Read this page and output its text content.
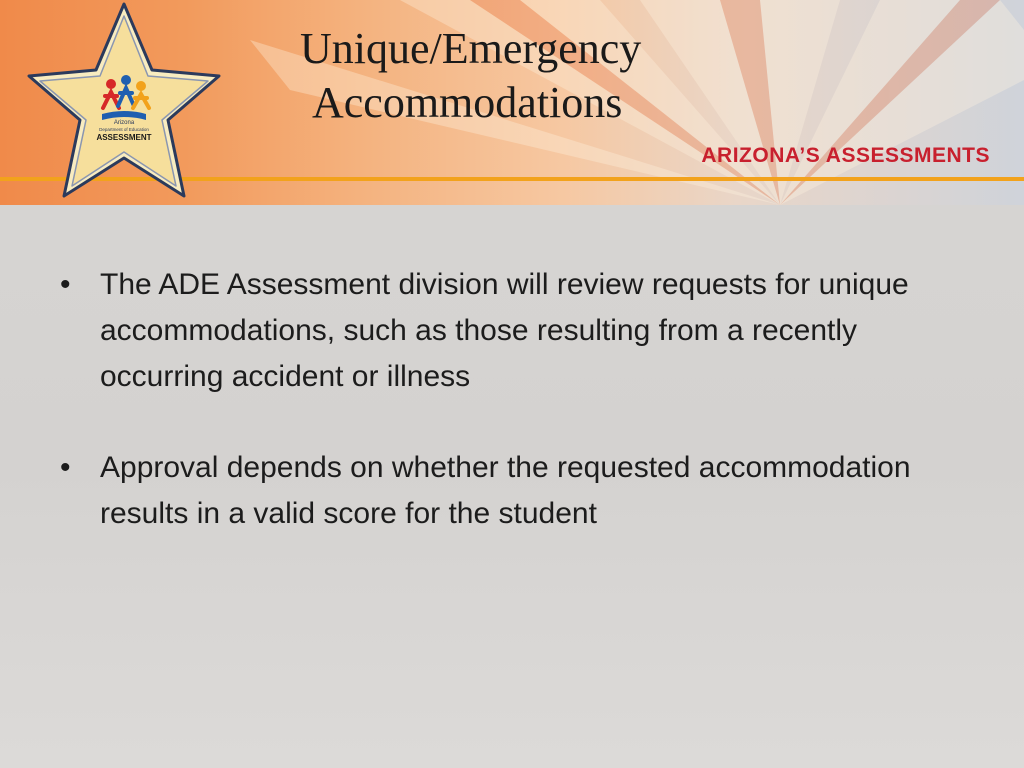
Unique/Emergency
Accommodations
ARIZONA’S ASSESSMENTS
Arizona
Department of Education
ASSESSMENT
• The ADE Assessment division will review requests for unique accommodations, such as those resulting from a recently occurring accident or illness
• Approval depends on whether the requested accommodation results in a valid score for the student
